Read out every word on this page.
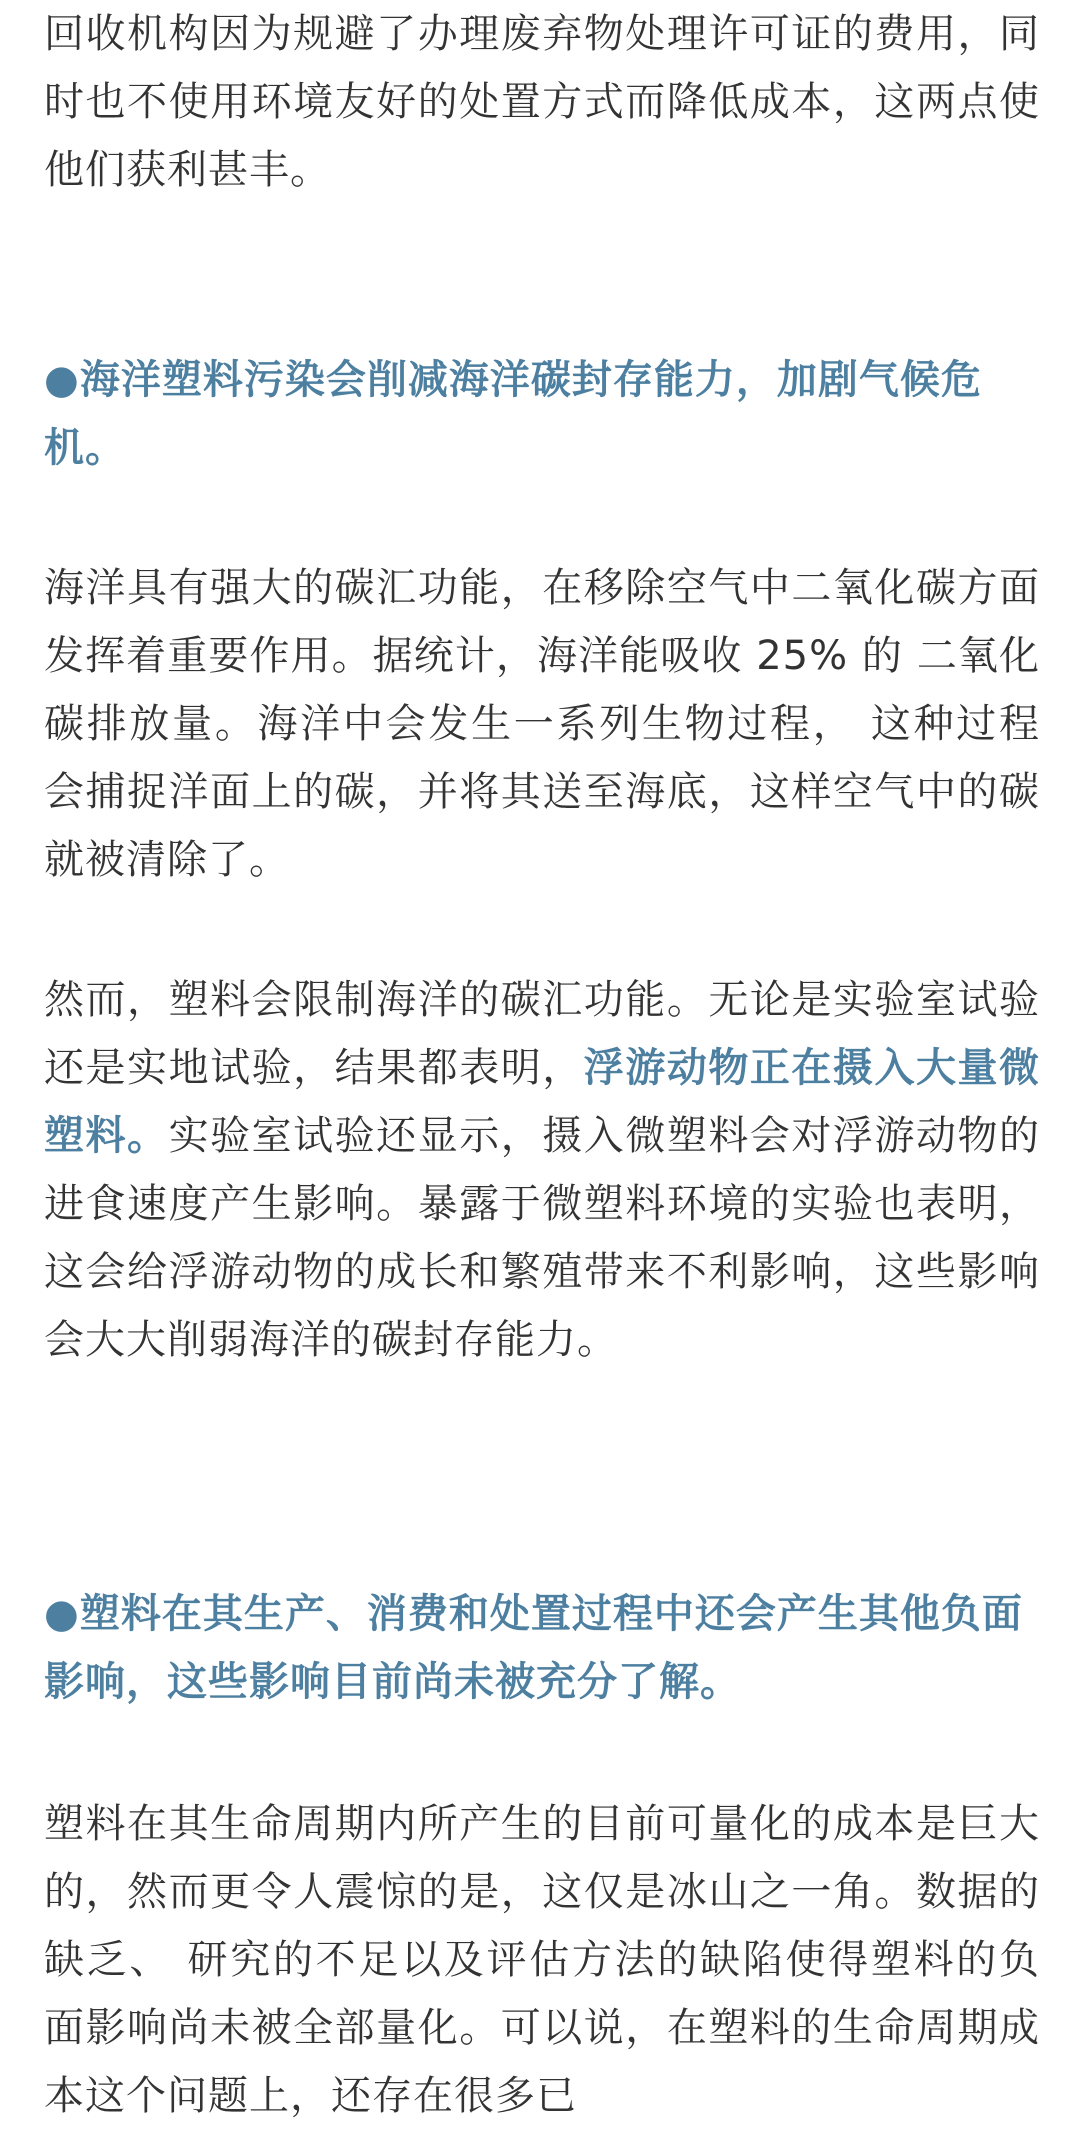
回收机构因为规避了办理废弃物处理许可证的费用，同时也不使用环境友好的处置方式而降低成本，这两点使他们获利甚丰。

●海洋塑料污染会削减海洋碳封存能力，加剧气候危机。

海洋具有强大的碳汇功能，在移除空气中二氧化碳方面发挥着重要作用。据统计，海洋能吸收 25% 的 二氧化碳排放量。海洋中会发生一系列生物过程， 这种过程会捕捉洋面上的碳，并将其送至海底，这样空气中的碳就被清除了。

然而，塑料会限制海洋的碳汇功能。无论是实验室试验还是实地试验，结果都表明，浮游动物正在摄入大量微塑料。实验室试验还显示，摄入微塑料会对浮游动物的进食速度产生影响。暴露于微塑料环境的实验也表明，这会给浮游动物的成长和繁殖带来不利影响，这些影响会大大削弱海洋的碳封存能力。

●塑料在其生产、消费和处置过程中还会产生其他负面影响，这些影响目前尚未被充分了解。

塑料在其生命周期内所产生的目前可量化的成本是巨大的，然而更令人震惊的是，这仅是冰山之一角。数据的缺乏、 研究的不足以及评估方法的缺陷使得塑料的负面影响尚未被全部量化。可以说，在塑料的生命周期成本这个问题上，还存在很多已
